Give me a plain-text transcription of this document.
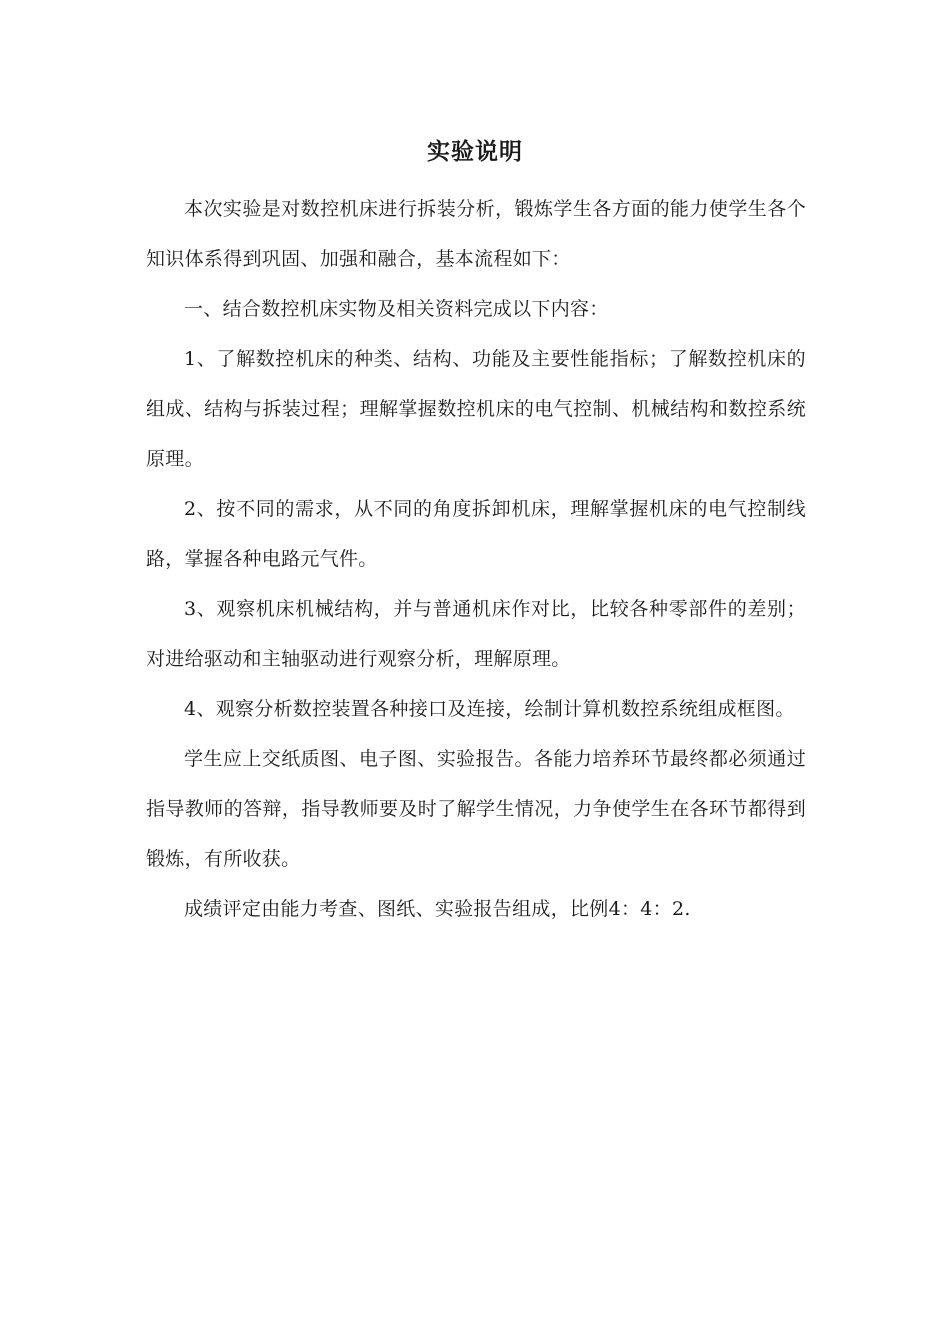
实验说明

本次实验是对数控机床进行拆装分析，锻炼学生各方面的能力使学生各个知识体系得到巩固、加强和融合，基本流程如下：

一、结合数控机床实物及相关资料完成以下内容：

1、了解数控机床的种类、结构、功能及主要性能指标；了解数控机床的组成、结构与拆装过程；理解掌握数控机床的电气控制、机械结构和数控系统原理。

2、按不同的需求，从不同的角度拆卸机床，理解掌握机床的电气控制线路，掌握各种电路元气件。

3、观察机床机械结构，并与普通机床作对比，比较各种零部件的差别；对进给驱动和主轴驱动进行观察分析，理解原理。

4、观察分析数控装置各种接口及连接，绘制计算机数控系统组成框图。

学生应上交纸质图、电子图、实验报告。各能力培养环节最终都必须通过指导教师的答辩，指导教师要及时了解学生情况，力争使学生在各环节都得到锻炼，有所收获。

成绩评定由能力考查、图纸、实验报告组成，比例4：4：2.
